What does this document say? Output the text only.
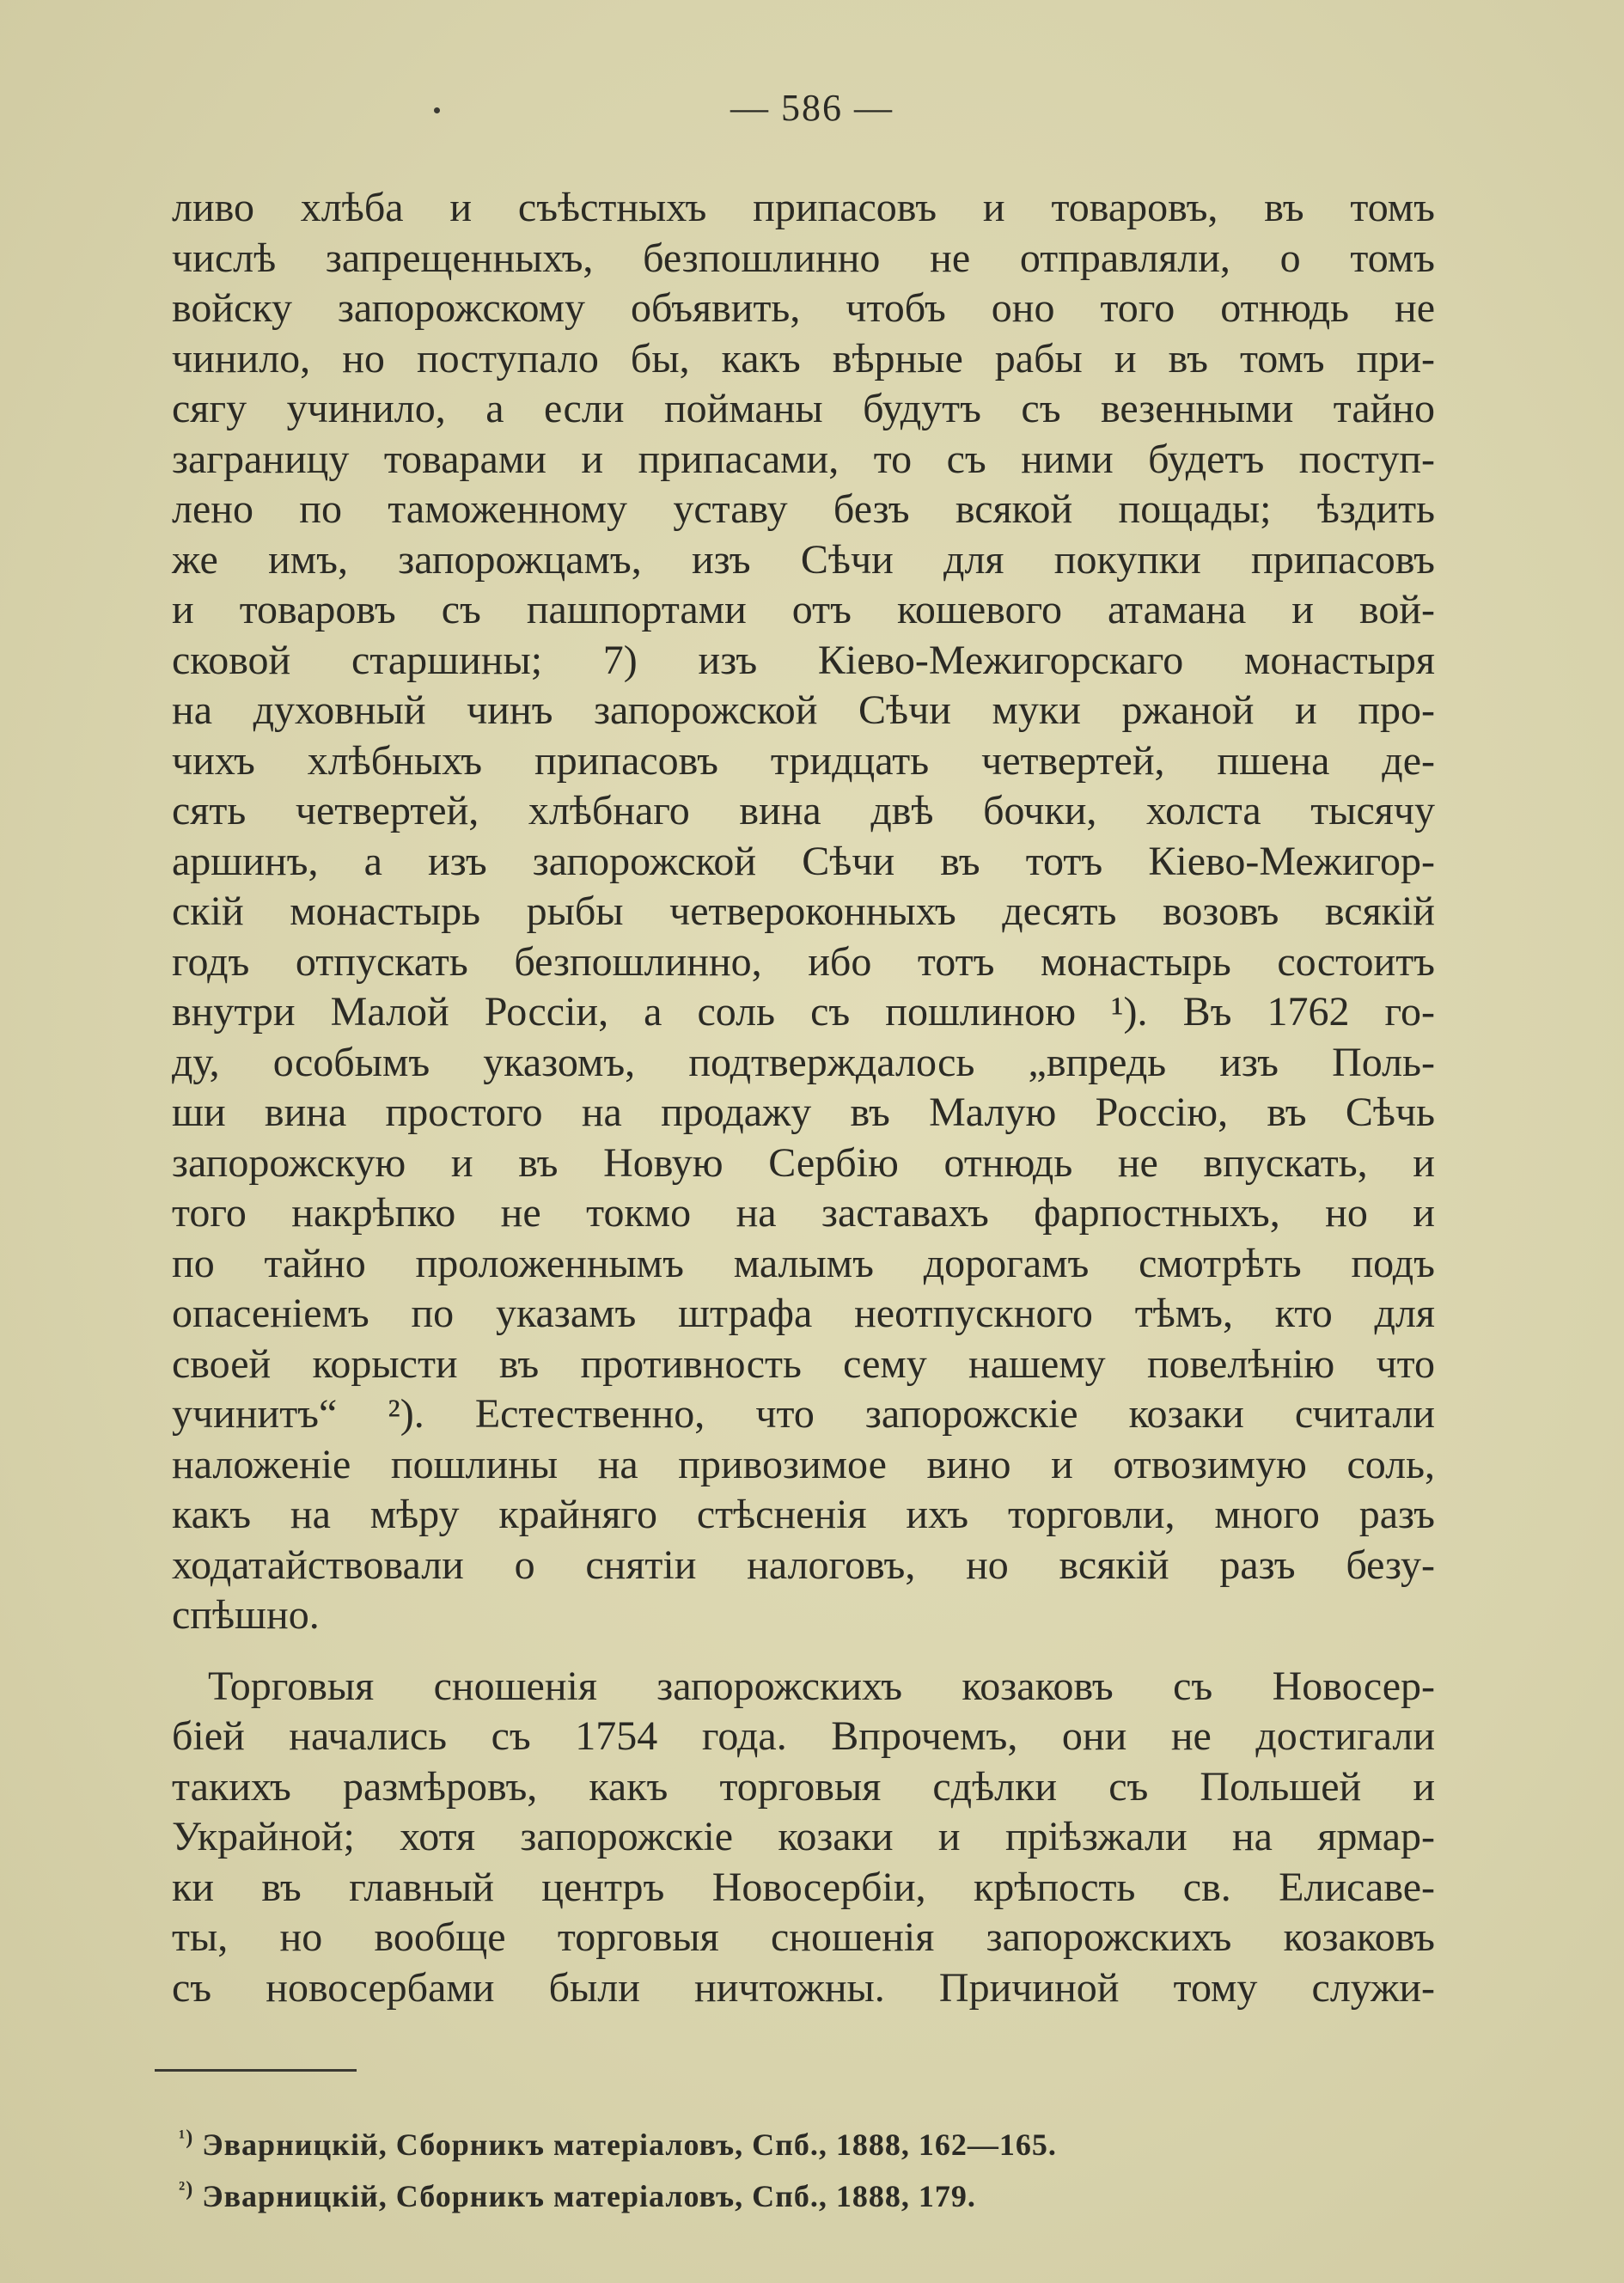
— 586 —
ливо хлѣба и съѣстныхъ припасовъ и товаровъ, въ томъ
числѣ запрещенныхъ, безпошлинно не отправляли, о томъ
войску запорожскому объявить, чтобъ оно того отнюдь не
чинило, но поступало бы, какъ вѣрные рабы и въ томъ при-
сягу учинило, а если пойманы будутъ съ везенными тайно
заграницу товарами и припасами, то съ ними будетъ поступ-
лено по таможенному уставу безъ всякой пощады; ѣздить
же имъ, запорожцамъ, изъ Сѣчи для покупки припасовъ
и товаровъ съ пашпортами отъ кошевого атамана и вой-
сковой старшины; 7) изъ Кіево-Межигорскаго монастыря
на духовный чинъ запорожской Сѣчи муки ржаной и про-
чихъ хлѣбныхъ припасовъ тридцать четвертей, пшена де-
сять четвертей, хлѣбнаго вина двѣ бочки, холста тысячу
аршинъ, а изъ запорожской Сѣчи въ тотъ Кіево-Межигор-
скій монастырь рыбы четвероконныхъ десять возовъ всякій
годъ отпускать безпошлинно, ибо тотъ монастырь состоитъ
внутри Малой Россіи, а соль съ пошлиною ¹). Въ 1762 го-
ду, особымъ указомъ, подтверждалось „впредь изъ Поль-
ши вина простого на продажу въ Малую Россію, въ Сѣчь
запорожскую и въ Новую Сербію отнюдь не впускать, и
того накрѣпко не токмо на заставахъ фарпостныхъ, но и
по тайно проложеннымъ малымъ дорогамъ смотрѣть подъ
опасеніемъ по указамъ штрафа неотпускного тѣмъ, кто для
своей корысти въ противность сему нашему повелѣнію что
учинитъ“ ²). Естественно, что запорожскіе козаки считали
наложеніе пошлины на привозимое вино и отвозимую соль,
какъ на мѣру крайняго стѣсненія ихъ торговли, много разъ
ходатайствовали о снятіи налоговъ, но всякій разъ безу-
спѣшно.
Торговыя сношенія запорожскихъ козаковъ съ Новосер-
біей начались съ 1754 года. Впрочемъ, они не достигали
такихъ размѣровъ, какъ торговыя сдѣлки съ Польшей и
Украйной; хотя запорожскіе козаки и пріѣзжали на ярмар-
ки въ главный центръ Новосербіи, крѣпость св. Елисаве-
ты, но вообще торговыя сношенія запорожскихъ козаковъ
съ новосербами были ничтожны. Причиной тому служи-
$^{^1)}$ Эварницкій, Сборникъ матеріаловъ, Спб., 1888, 162—165.
$^{^2)}$ Эварницкій, Сборникъ матеріаловъ, Спб., 1888, 179.
